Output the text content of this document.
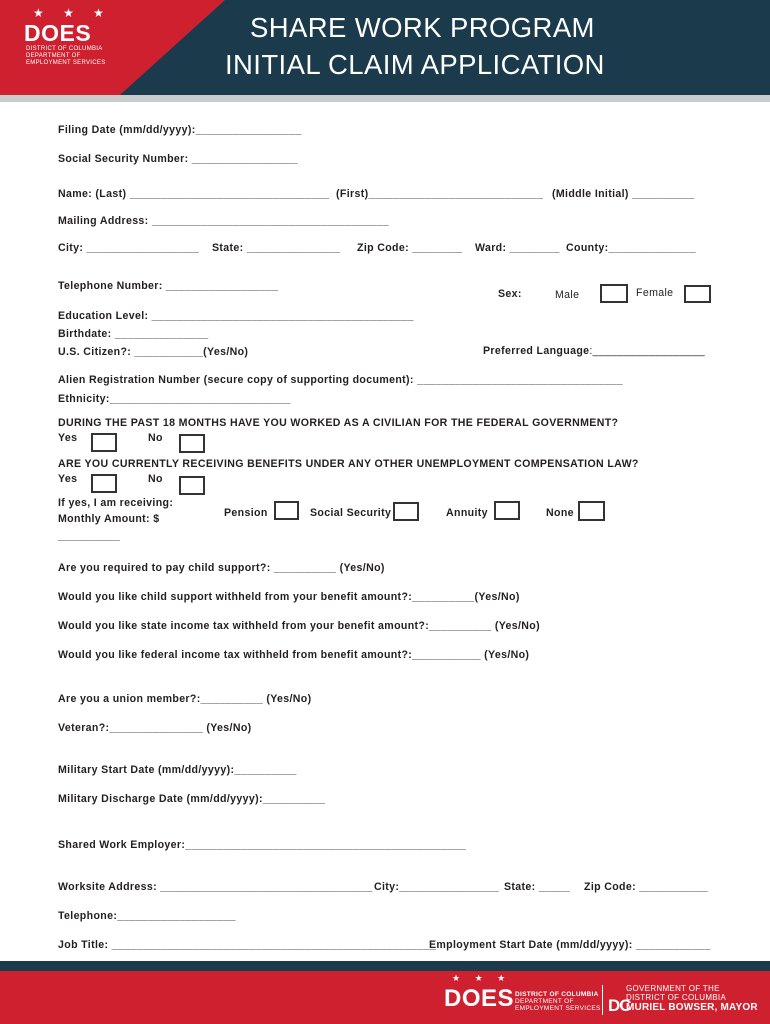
★ ★ ★
DOES
DISTRICT OF COLUMBIA
DEPARTMENT OF
EMPLOYMENT SERVICES
SHARE WORK PROGRAM
INITIAL CLAIM APPLICATION
Filing Date (mm/dd/yyyy):_________________
Social Security Number: _________________
Name: (Last) ________________________________ (First)____________________________ (Middle Initial) __________
Mailing Address: ______________________________________
City: __________________ State: _______________ Zip Code: ________ Ward: ________ County:______________
Telephone Number: __________________
Sex:	Male	Female
Education Level: __________________________________________
Birthdate: _______________
U.S. Citizen?: ___________(Yes/No)	Preferred Language:__________________
Alien Registration Number (secure copy of supporting document): _________________________________
Ethnicity:_____________________________
DURING THE PAST 18 MONTHS HAVE YOU WORKED AS A CIVILIAN FOR THE FEDERAL GOVERNMENT?
Yes	No
ARE YOU CURRENTLY RECEIVING BENEFITS UNDER ANY OTHER UNEMPLOYMENT COMPENSATION LAW?
Yes	No
If yes, I am receiving:
Monthly Amount: $
__________
Pension	Social Security	Annuity	None
Are you required to pay child support?: __________ (Yes/No)
Would you like child support withheld from your benefit amount?:__________(Yes/No)
Would you like state income tax withheld from your benefit amount?:__________ (Yes/No)
Would you like federal income tax withheld from benefit amount?:___________ (Yes/No)
Are you a union member?:__________ (Yes/No)
Veteran?:_______________ (Yes/No)
Military Start Date (mm/dd/yyyy):__________
Military Discharge Date (mm/dd/yyyy):__________
Shared Work Employer:_____________________________________________
Worksite Address: __________________________________ City:________________ State: _____ Zip Code: ___________
Telephone:___________________
Job Title: ____________________________________________________
Employment Start Date (mm/dd/yyyy): ____________
★ ★ ★
DOES DISTRICT OF COLUMBIA
DEPARTMENT OF
EMPLOYMENT SERVICES DC
GOVERNMENT OF THE
DISTRICT OF COLUMBIA
MURIEL BOWSER, MAYOR
